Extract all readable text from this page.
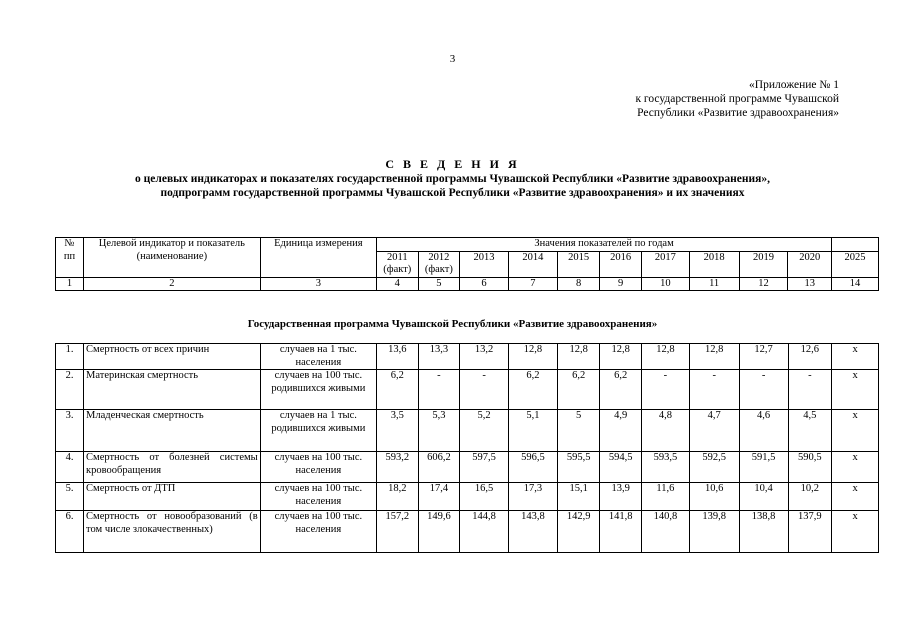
3
«Приложение № 1
к государственной программе Чувашской
Республики «Развитие здравоохранения»
С В Е Д Е Н И Я
о целевых индикаторах и показателях государственной программы Чувашской Республики «Развитие здравоохранения»,
подпрограмм государственной программы Чувашской Республики «Развитие здравоохранения» и их значениях
№ пп	Целевой индикатор и показатель (наименование)	Единица измерения	Значения показателей по годам										
			2011 (факт)	2012 (факт)	2013	2014	2015	2016	2017	2018	2019	2020	2025
1	2	3	4	5	6	7	8	9	10	11	12	13	14
Государственная программа Чувашской Республики «Развитие здравоохранения»
1.	Смертность от всех причин	случаев на 1 тыс. населения	13,6	13,3	13,2	12,8	12,8	12,8	12,8	12,8	12,7	12,6	x
2.	Материнская смертность	случаев на 100 тыс. родившихся живыми	6,2	-	-	6,2	6,2	6,2	-	-	-	-	x
3.	Младенческая смертность	случаев на 1 тыс. родившихся живыми	3,5	5,3	5,2	5,1	5	4,9	4,8	4,7	4,6	4,5	x
4.	Смертность от болезней системы кровообращения	случаев на 100 тыс. населения	593,2	606,2	597,5	596,5	595,5	594,5	593,5	592,5	591,5	590,5	x
5.	Смертность от ДТП	случаев на 100 тыс. населения	18,2	17,4	16,5	17,3	15,1	13,9	11,6	10,6	10,4	10,2	x
6.	Смертность от новообразований (в том числе злокачественных)	случаев на 100 тыс. населения	157,2	149,6	144,8	143,8	142,9	141,8	140,8	139,8	138,8	137,9	x
